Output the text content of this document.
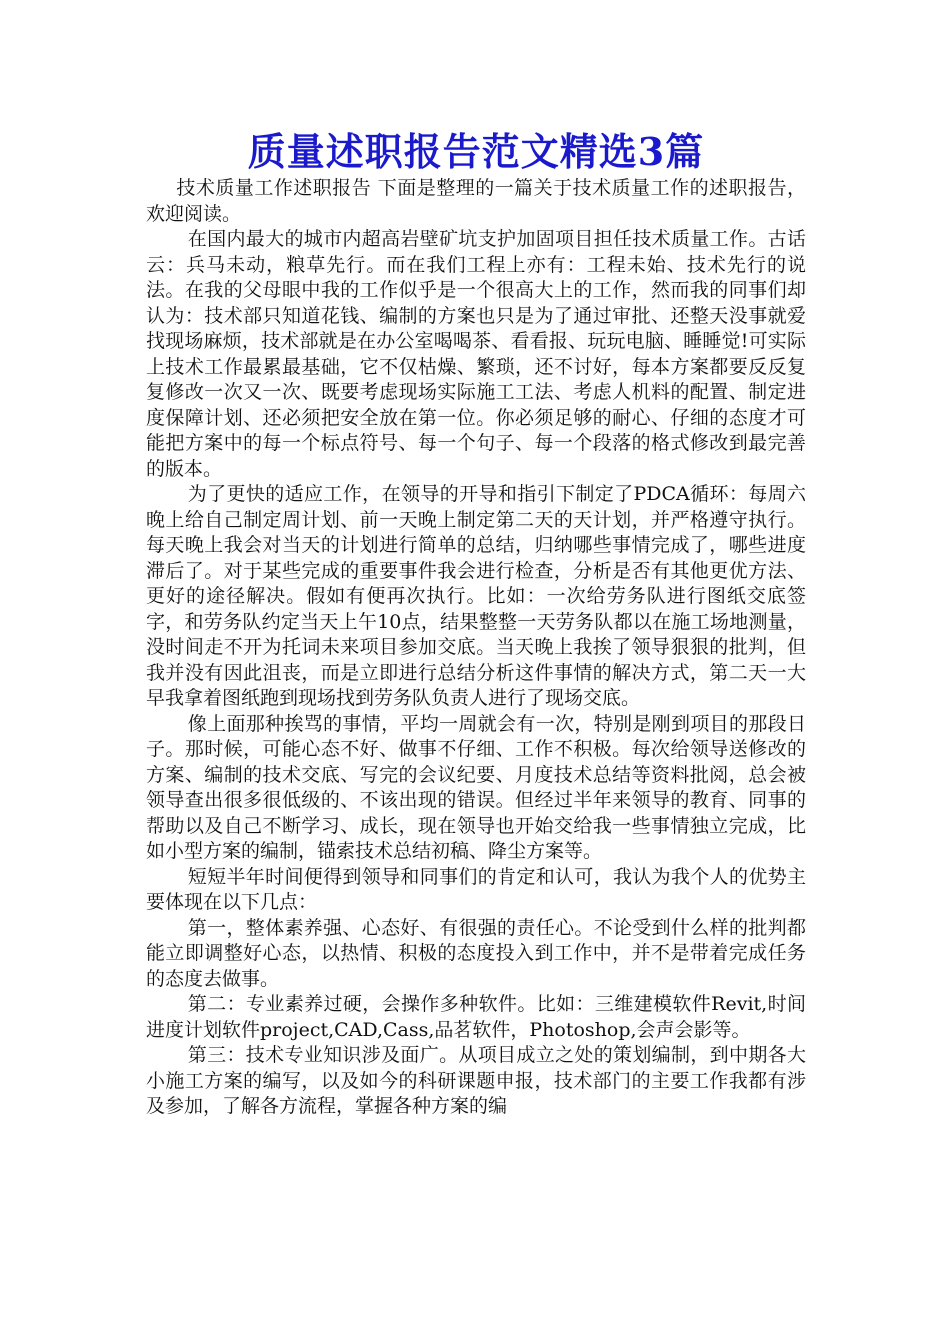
质量述职报告范文精选3篇

技术质量工作述职报告 下面是整理的一篇关于技术质量工作的述职报告，欢迎阅读。

在国内最大的城市内超高岩壁矿坑支护加固项目担任技术质量工作。古话云：兵马未动，粮草先行。而在我们工程上亦有：工程未始、技术先行的说法。在我的父母眼中我的工作似乎是一个很高大上的工作，然而我的同事们却认为：技术部只知道花钱、编制的方案也只是为了通过审批、还整天没事就爱找现场麻烦，技术部就是在办公室喝喝茶、看看报、玩玩电脑、睡睡觉!可实际上技术工作最累最基础，它不仅枯燥、繁琐，还不讨好，每本方案都要反反复复修改一次又一次、既要考虑现场实际施工工法、考虑人机料的配置、制定进度保障计划、还必须把安全放在第一位。你必须足够的耐心、仔细的态度才可能把方案中的每一个标点符号、每一个句子、每一个段落的格式修改到最完善的版本。

为了更快的适应工作，在领导的开导和指引下制定了PDCA循环：每周六晚上给自己制定周计划、前一天晚上制定第二天的天计划，并严格遵守执行。每天晚上我会对当天的计划进行简单的总结，归纳哪些事情完成了，哪些进度滞后了。对于某些完成的重要事件我会进行检查，分析是否有其他更优方法、更好的途径解决。假如有便再次执行。比如：一次给劳务队进行图纸交底签字，和劳务队约定当天上午10点，结果整整一天劳务队都以在施工场地测量，没时间走不开为托词未来项目参加交底。当天晚上我挨了领导狠狠的批判，但我并没有因此沮丧，而是立即进行总结分析这件事情的解决方式，第二天一大早我拿着图纸跑到现场找到劳务队负责人进行了现场交底。

像上面那种挨骂的事情，平均一周就会有一次，特别是刚到项目的那段日子。那时候，可能心态不好、做事不仔细、工作不积极。每次给领导送修改的方案、编制的技术交底、写完的会议纪要、月度技术总结等资料批阅，总会被领导查出很多很低级的、不该出现的错误。但经过半年来领导的教育、同事的帮助以及自己不断学习、成长，现在领导也开始交给我一些事情独立完成，比如小型方案的编制，锚索技术总结初稿、降尘方案等。

短短半年时间便得到领导和同事们的肯定和认可，我认为我个人的优势主要体现在以下几点：

第一，整体素养强、心态好、有很强的责任心。不论受到什么样的批判都能立即调整好心态，以热情、积极的态度投入到工作中，并不是带着完成任务的态度去做事。

第二：专业素养过硬，会操作多种软件。比如：三维建模软件Revit,时间进度计划软件project,CAD,Cass,品茗软件，Photoshop,会声会影等。

第三：技术专业知识涉及面广。从项目成立之处的策划编制，到中期各大小施工方案的编写，以及如今的科研课题申报，技术部门的主要工作我都有涉及参加，了解各方流程，掌握各种方案的编
